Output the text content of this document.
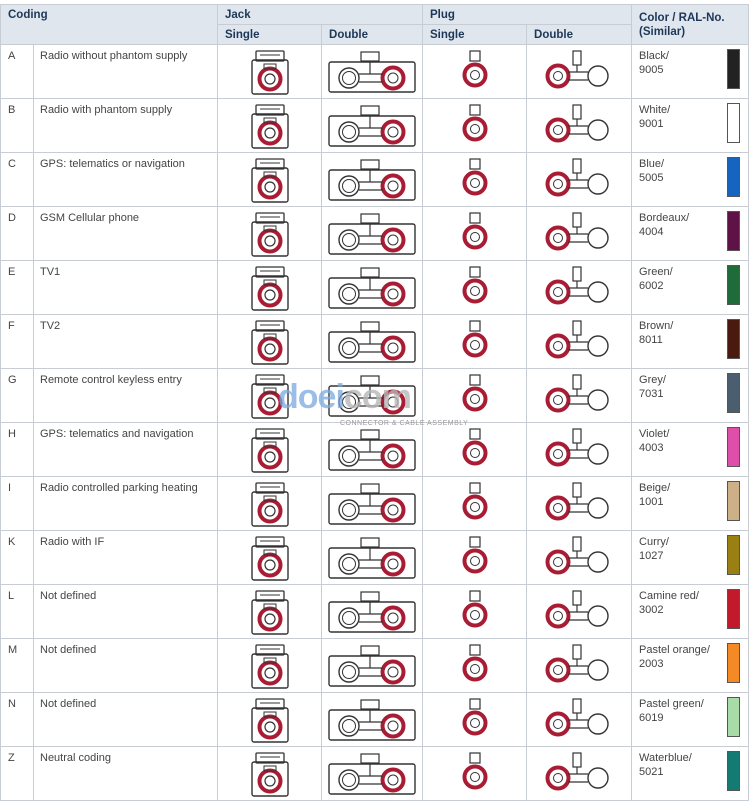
Coding		Jack		Plug		Color / RAL-No.
(Similar)

		Single	Double	Single	Double	

A	Radio without phantom supply					Black/
9005

B	Radio with phantom supply					White/
9001

C	GPS: telematics or navigation					Blue/
5005

D	GSM Cellular phone					Bordeaux/
4004

E	TV1					Green/
6002

F	TV2					Brown/
8011

G	Remote control keyless entry					Grey/
7031

H	GPS: telematics and navigation					Violet/
4003

I	Radio controlled parking heating					Beige/
1001

K	Radio with IF					Curry/
1027

L	Not defined					Camine red/
3002

M	Not defined					Pastel orange/
2003

N	Not defined					Pastel green/
6019

Z	Neutral coding					Waterblue/
5021
doeicom
CONNECTOR & CABLE ASSEMBLY
